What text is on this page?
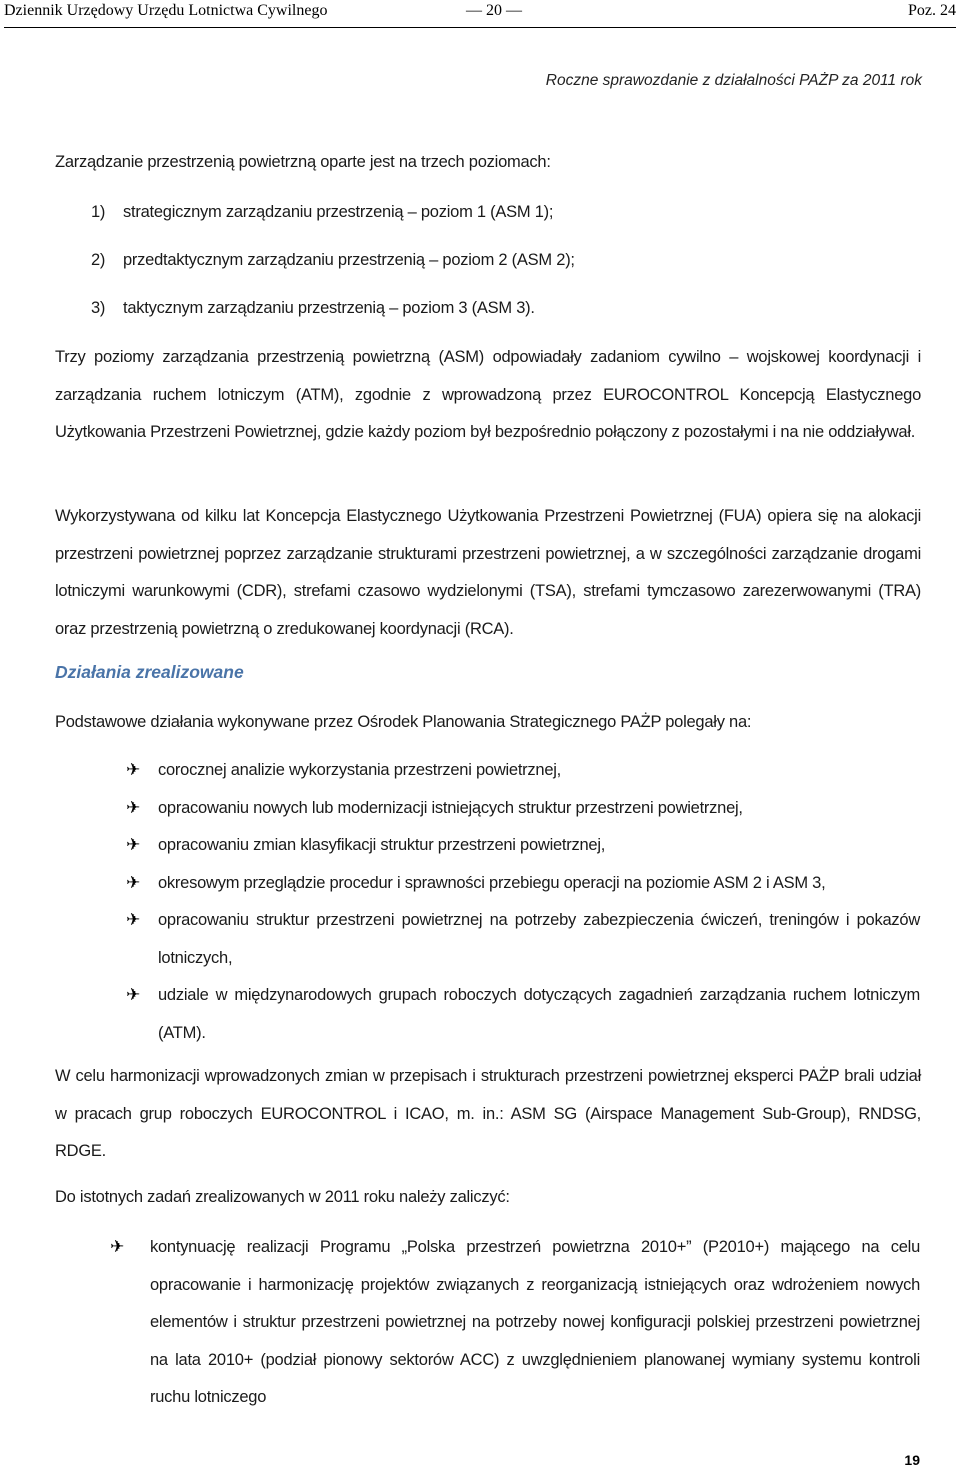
Dziennik Urzędowy Urzędu Lotnictwa Cywilnego	— 20 —	Poz. 24
Roczne sprawozdanie z działalności PAŻP za 2011 rok
Zarządzanie przestrzenią powietrzną oparte jest na trzech poziomach:
1) strategicznym zarządzaniu przestrzenią – poziom 1 (ASM 1);
2) przedtaktycznym zarządzaniu przestrzenią – poziom 2 (ASM 2);
3) taktycznym zarządzaniu przestrzenią – poziom 3 (ASM 3).
Trzy poziomy zarządzania przestrzenią powietrzną (ASM) odpowiadały zadaniom cywilno – wojskowej koordynacji i zarządzania ruchem lotniczym (ATM), zgodnie z wprowadzoną przez EUROCONTROL Koncepcją Elastycznego Użytkowania Przestrzeni Powietrznej, gdzie każdy poziom był bezpośrednio połączony z pozostałymi i na nie oddziaływał.
Wykorzystywana od kilku lat Koncepcja Elastycznego Użytkowania Przestrzeni Powietrznej (FUA) opiera się na alokacji przestrzeni powietrznej poprzez zarządzanie strukturami przestrzeni powietrznej, a w szczególności zarządzanie drogami lotniczymi warunkowymi (CDR), strefami czasowo wydzielonymi (TSA), strefami tymczasowo zarezerwowanymi (TRA) oraz przestrzenią powietrzną o zredukowanej koordynacji (RCA).
Działania zrealizowane
Podstawowe działania wykonywane przez Ośrodek Planowania Strategicznego PAŻP polegały na:
✈ corocznej analizie wykorzystania przestrzeni powietrznej,
✈ opracowaniu nowych lub modernizacji istniejących struktur przestrzeni powietrznej,
✈ opracowaniu zmian klasyfikacji struktur przestrzeni powietrznej,
✈ okresowym przeglądzie procedur i sprawności przebiegu operacji na poziomie ASM 2 i ASM 3,
✈ opracowaniu struktur przestrzeni powietrznej na potrzeby zabezpieczenia ćwiczeń, treningów i pokazów lotniczych,
✈ udziale w międzynarodowych grupach roboczych dotyczących zagadnień zarządzania ruchem lotniczym (ATM).
W celu harmonizacji wprowadzonych zmian w przepisach i strukturach przestrzeni powietrznej eksperci PAŻP brali udział w pracach grup roboczych EUROCONTROL i ICAO, m. in.: ASM SG (Airspace Management Sub-Group), RNDSG, RDGE.
Do istotnych zadań zrealizowanych w 2011 roku należy zaliczyć:
✈ kontynuację realizacji Programu „Polska przestrzeń powietrzna 2010+” (P2010+) mającego na celu opracowanie i harmonizację projektów związanych z reorganizacją istniejących oraz wdrożeniem nowych elementów i struktur przestrzeni powietrznej na potrzeby nowej konfiguracji polskiej przestrzeni powietrznej na lata 2010+ (podział pionowy sektorów ACC) z uwzględnieniem planowanej wymiany systemu kontroli ruchu lotniczego
19
